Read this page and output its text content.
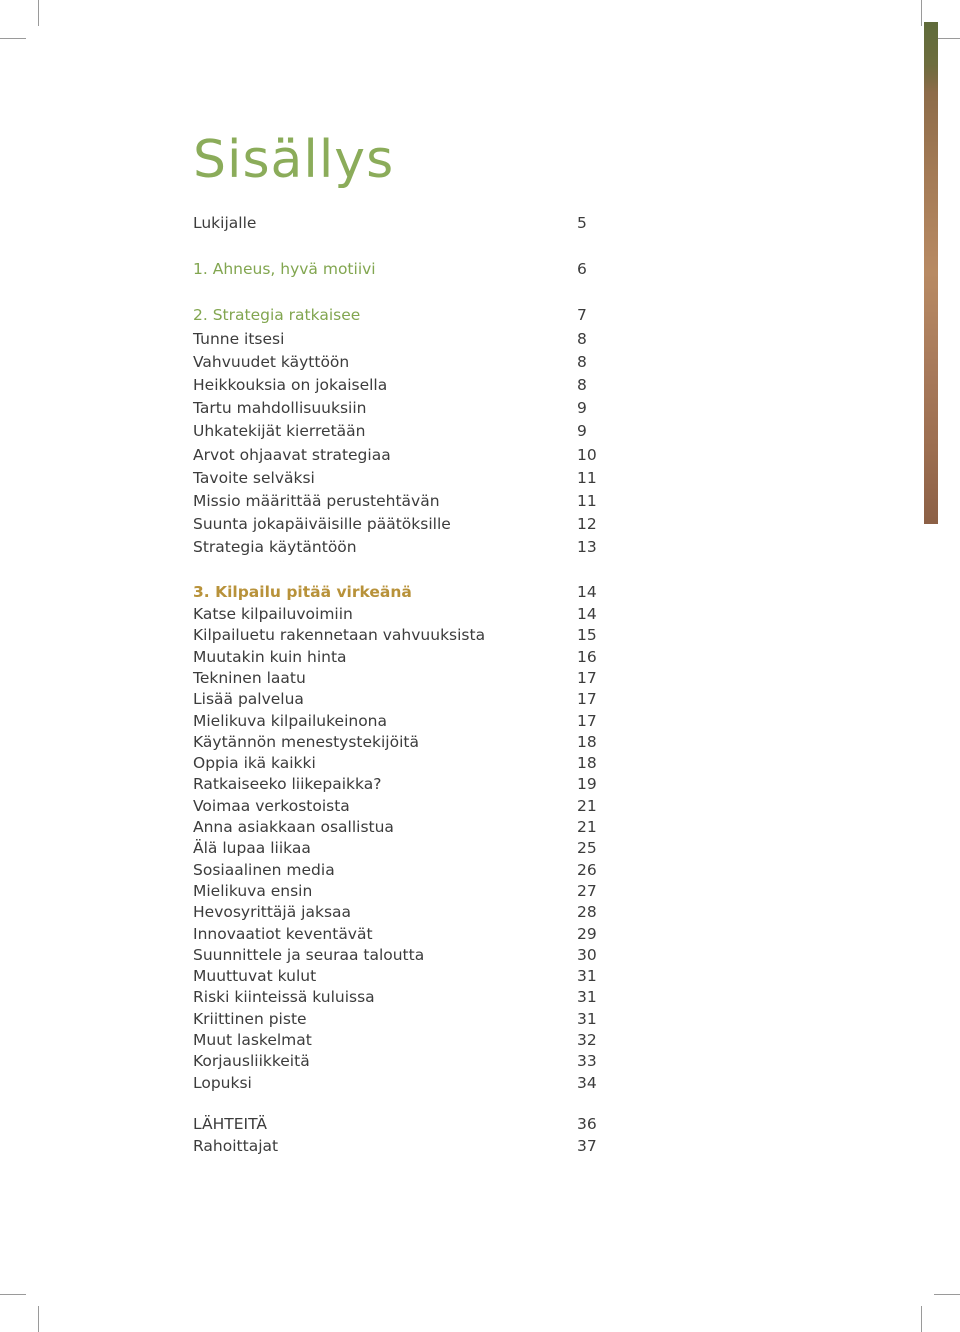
Sisällys
Lukijalle	5
1. Ahneus, hyvä motiivi	6
2. Strategia ratkaisee	7
Tunne itsesi	8
Vahvuudet käyttöön	8
Heikkouksia on jokaisella	8
Tartu mahdollisuuksiin	9
Uhkatekijät kierretään	9
Arvot ohjaavat strategiaa	10
Tavoite selväksi	11
Missio määrittää perustehtävän	11
Suunta jokapäiväisille päätöksille	12
Strategia käytäntöön	13
3. Kilpailu pitää virkeänä	14
Katse kilpailuvoimiin	14
Kilpailuetu rakennetaan vahvuuksista	15
Muutakin kuin hinta	16
Tekninen laatu	17
Lisää palvelua	17
Mielikuva kilpailukeinona	17
Käytännön menestystekijöitä	18
Oppia ikä kaikki	18
Ratkaiseeko liikepaikka?	19
Voimaa verkostoista	21
Anna asiakkaan osallistua	21
Älä lupaa liikaa	25
Sosiaalinen media	26
Mielikuva ensin	27
Hevosyrittäjä jaksaa	28
Innovaatiot keventävät	29
Suunnittele ja seuraa taloutta	30
Muuttuvat kulut	31
Riski kiinteissä kuluissa	31
Kriittinen piste	31
Muut laskelmat	32
Korjausliikkeitä	33
Lopuksi	34
LÄHTEITÄ	36
Rahoittajat	37
